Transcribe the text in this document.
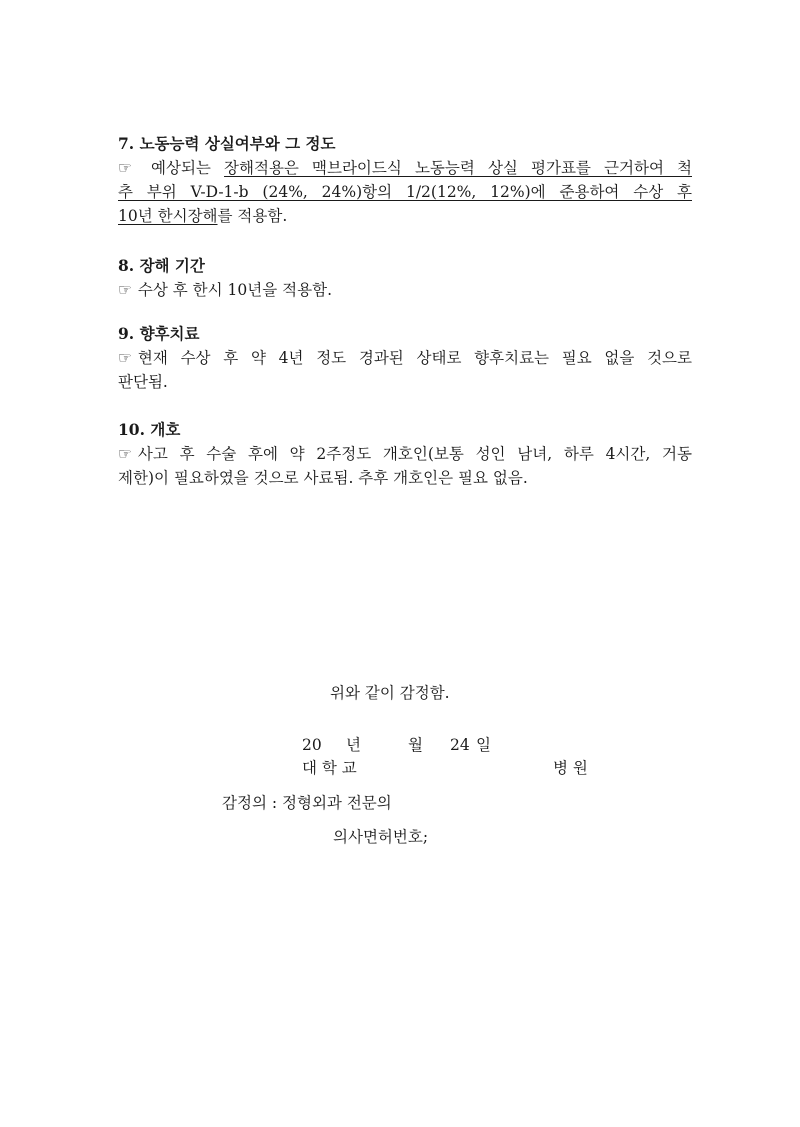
7. 노동능력 상실여부와 그 정도

☞ 예상되는 장해적용은 맥브라이드식 노동능력 상실 평가표를 근거하여 척

추 부위 V-D-1-b (24%, 24%)항의 1/2(12%, 12%)에 준용하여 수상 후

10년 한시장해를 적용함.

8. 장해 기간

☞ 수상 후 한시 10년을 적용함.

9. 향후치료

☞ 현재 수상 후 약 4년 정도 경과된 상태로 향후치료는 필요 없을 것으로

판단됨.

10. 개호

☞ 사고 후 수술 후에 약 2주정도 개호인(보통 성인 남녀, 하루 4시간, 거동

제한)이 필요하였을 것으로 사료됨. 추후 개호인은 필요 없음.

위와 같이 감정함.
20 년	월 24 일
대 학 교	병 원
감정의 : 정형외과 전문의
의사면허번호;
